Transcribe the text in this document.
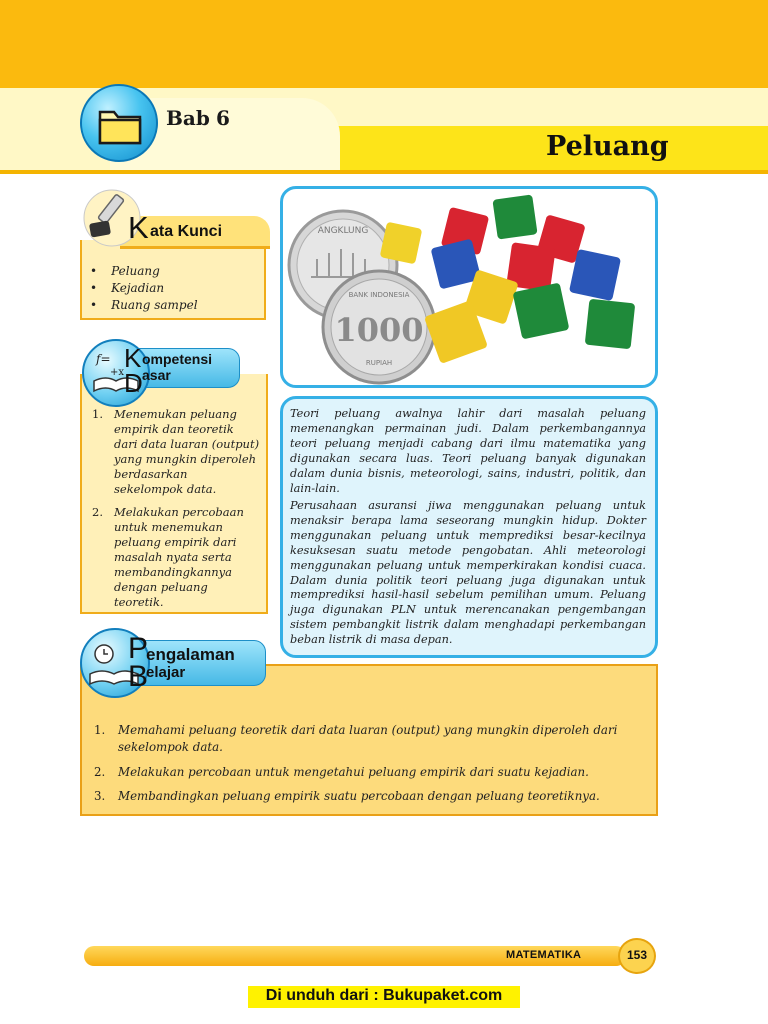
Bab 6
Peluang
K ata Kunci
• Peluang
• Kejadian
• Ruang sampel
f=
+x K ompetensi
D asar
1. Menemukan peluang empirik dan teoretik dari data luaran (output) yang mungkin diperoleh berdasarkan sekelompok data.
2. Melakukan percobaan untuk menemukan peluang empirik dari masalah nyata serta membandingkannya dengan peluang teoretik.
ANGKLUNG
BANK INDONESIA
1000
RUPIAH
Teori peluang awalnya lahir dari masalah peluang memenangkan permainan judi. Dalam perkembangannya teori peluang menjadi cabang dari ilmu matematika yang digunakan secara luas. Teori peluang banyak digunakan dalam dunia bisnis, meteorologi, sains, industri, politik, dan lain-lain.
Perusahaan asuransi jiwa menggunakan peluang untuk menaksir berapa lama seseorang mungkin hidup. Dokter menggunakan peluang untuk memprediksi besar-kecilnya kesuksesan suatu metode pengobatan. Ahli meteorologi menggunakan peluang untuk memperkirakan kondisi cuaca. Dalam dunia politik teori peluang juga digunakan untuk memprediksi hasil-hasil sebelum pemilihan umum. Peluang juga digunakan PLN untuk merencanakan pengembangan sistem pembangkit listrik dalam menghadapi perkembangan beban listrik di masa depan.
P
engalaman
B
elajar
1. Memahami peluang teoretik dari data luaran (output) yang mungkin diperoleh dari sekelompok data.
2. Melakukan percobaan untuk mengetahui peluang empirik dari suatu kejadian.
3. Membandingkan peluang empirik suatu percobaan dengan peluang teoretiknya.
MATEMATIKA	153
Di unduh dari : Bukupaket.com
